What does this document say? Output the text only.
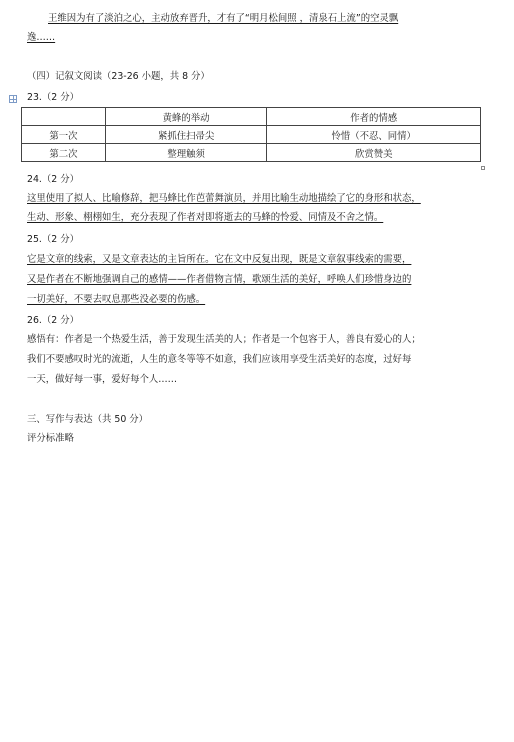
王维因为有了淡泊之心，主动放弃晋升，才有了“明月松间照 ，清泉石上流”的空灵飘
逸……
（四）记叙文阅读（23-26 小题，共 8 分）
23.（2 分）
	黄蜂的举动	作者的情感
第一次	紧抓住扫帚尖	怜惜（不忍、同情）
第二次	整理触须	欣赏赞美
24.（2 分）
这里使用了拟人、比喻修辞，把马蜂比作芭蕾舞演员，并用比喻生动地描绘了它的身形和状态，
生动、形象、栩栩如生，充分表现了作者对即将逝去的马蜂的怜爱、同情及不舍之情。
25.（2 分）
它是文章的线索，又是文章表达的主旨所在。它在文中反复出现，既是文章叙事线索的需要，
又是作者在不断地强调自己的感情——作者借物言情，歌颂生活的美好，呼唤人们珍惜身边的
一切美好，不要去叹息那些没必要的伤感。
26.（2 分）
感悟有：作者是一个热爱生活，善于发现生活美的人；作者是一个包容于人，善良有爱心的人；
我们不要感叹时光的流逝，人生的意冬等等不如意，我们应该用享受生活美好的态度，过好每
一天，做好每一事，爱好每个人……
三、写作与表达（共 50 分）
评分标准略
